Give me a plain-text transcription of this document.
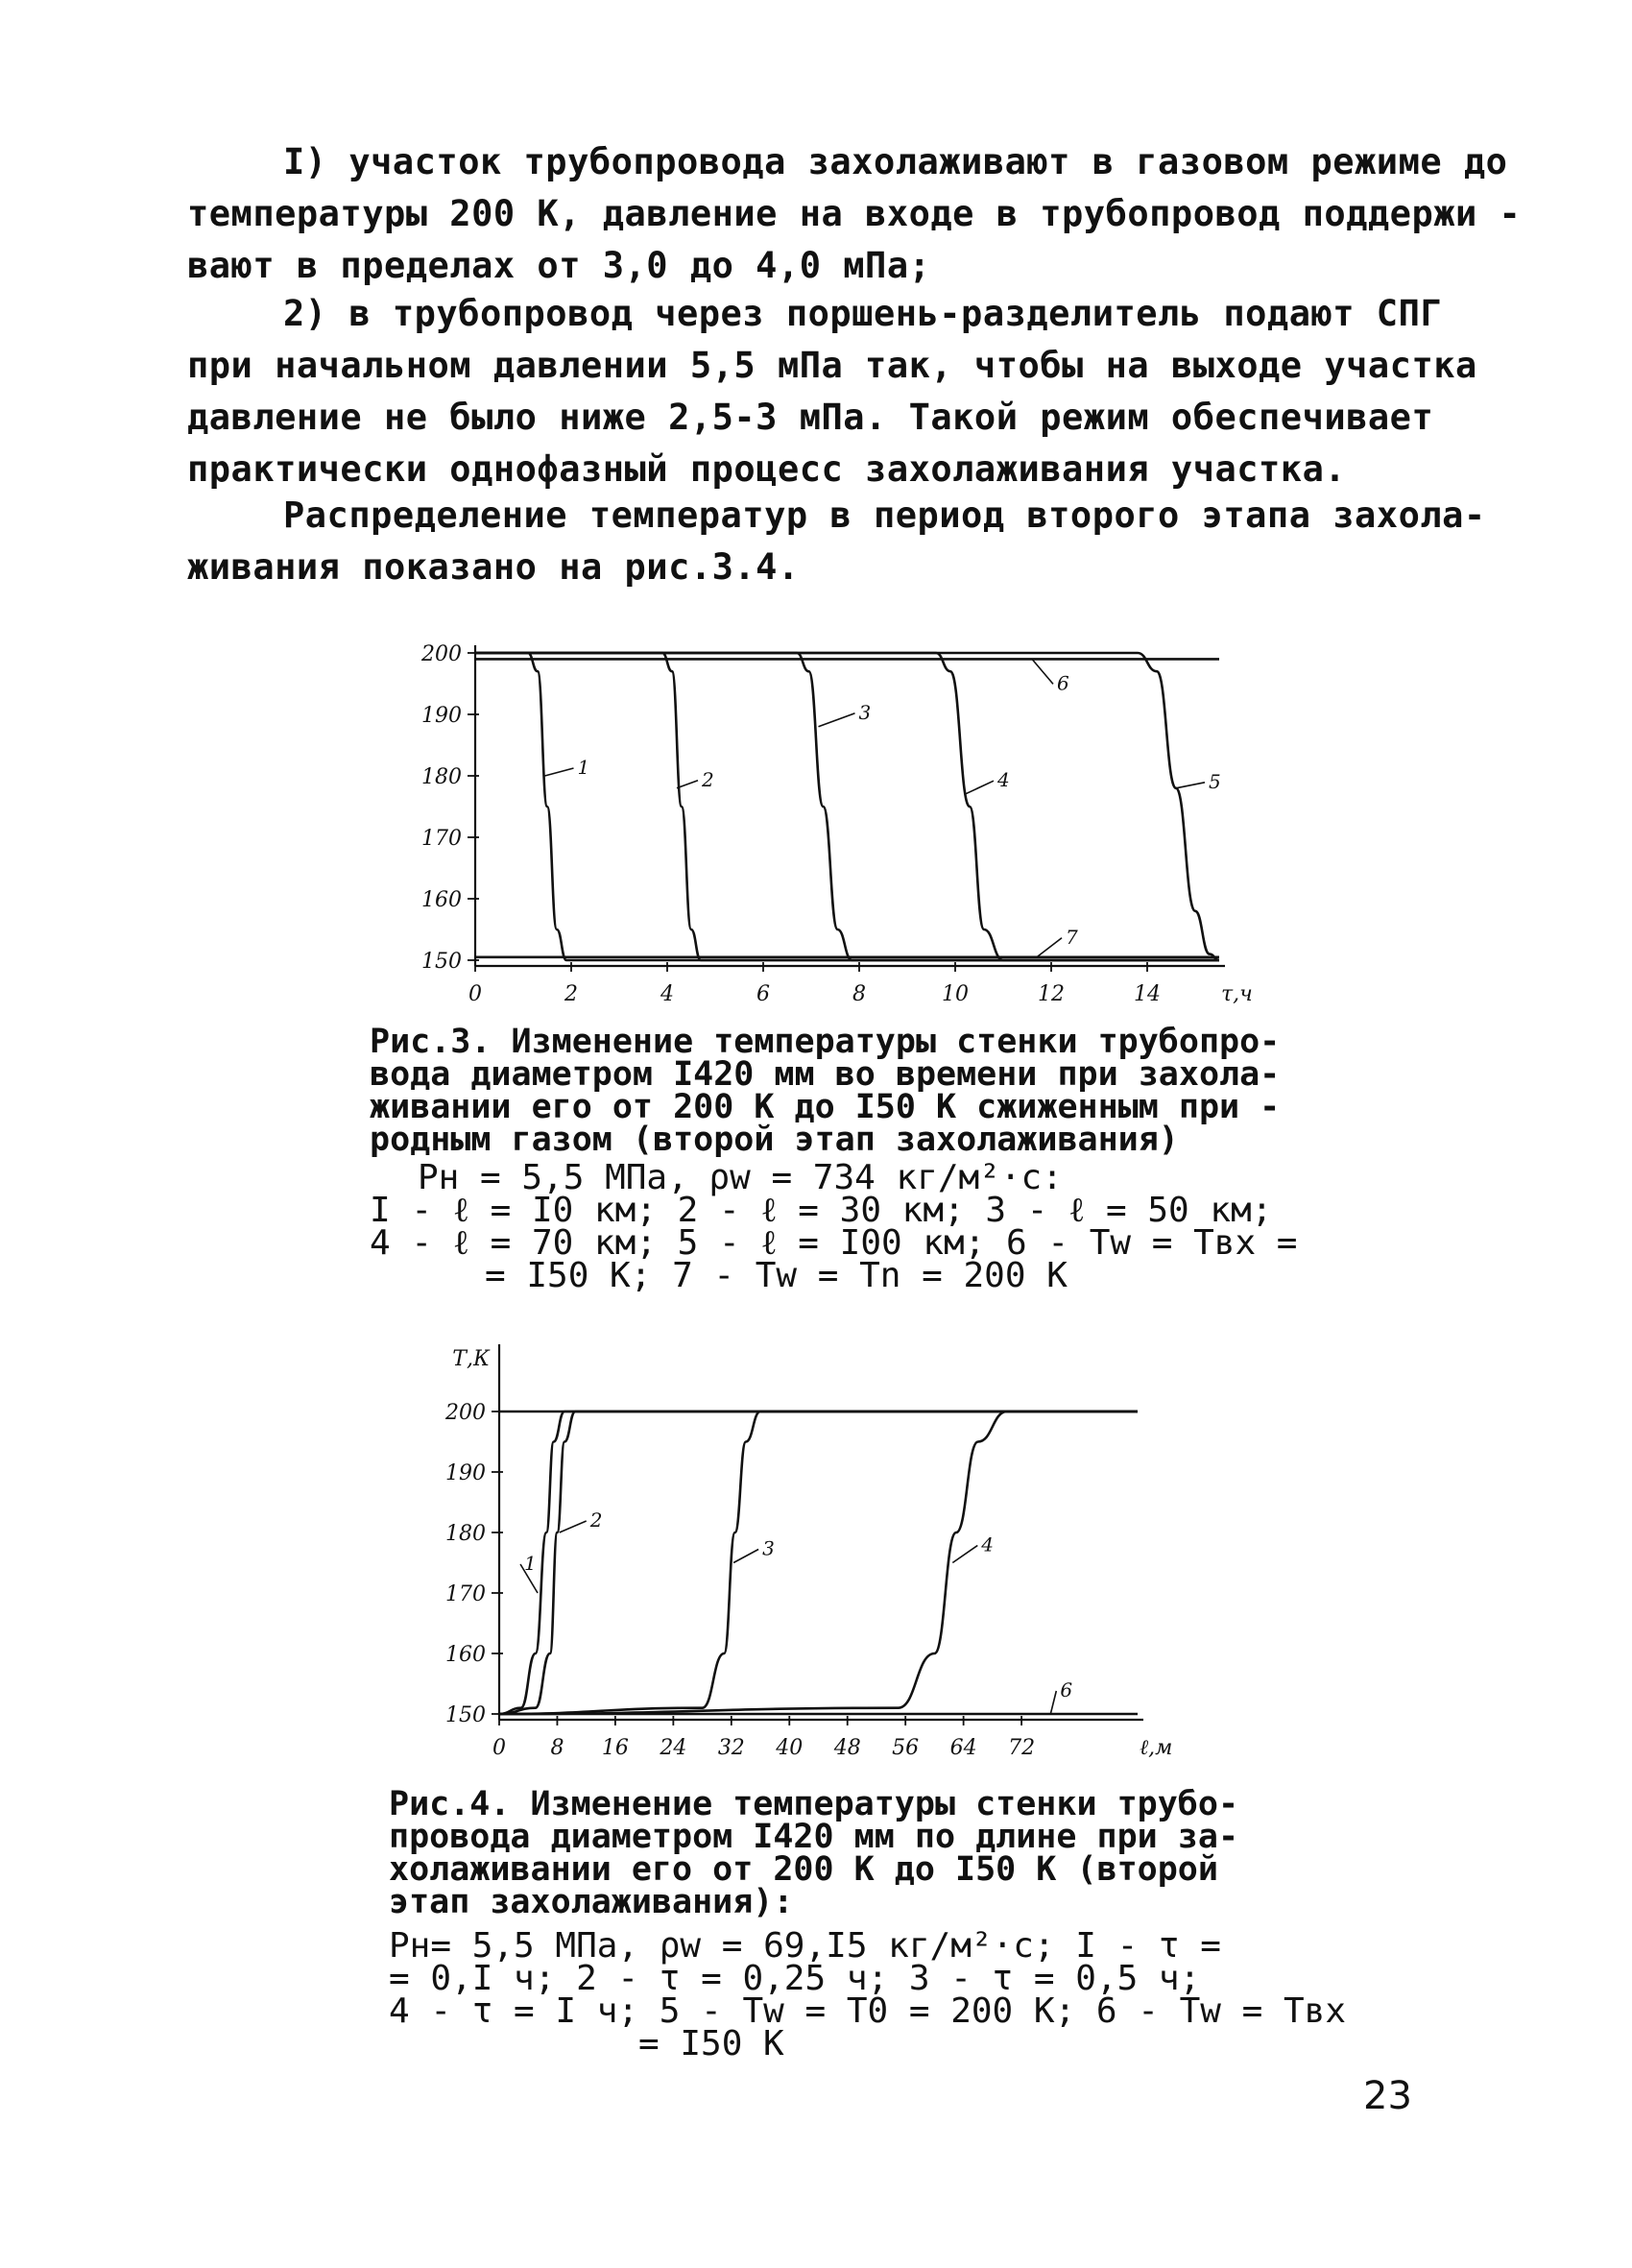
I) участок трубопровода захолаживают в газовом режиме до
температуры 200 К, давление на входе в трубопровод поддержи -
вают в пределах от 3,0 до 4,0 мПа;

2) в трубопровод через поршень-разделитель подают СПГ
при начальном давлении 5,5 мПа так, чтобы на выходе участка
давление не было ниже 2,5-3 мПа. Такой режим обеспечивает
практически однофазный процесс захолаживания участка.

Распределение температур в период второго этапа захола-
живания показано на рис.3.4.

200
190
180
170
160
150
0	2	4	6	8	10	12	14	τ,ч
1
2
3
4	5
6
7
Рис.3. Изменение температуры стенки трубопро-
вода диаметром I420 мм во времени при захола-
живании его от 200 К до I50 К сжиженным при -
родным газом (второй этап захолаживания)
Pн = 5,5 МПа, ρw = 734 кг/м²·с:
I - ℓ = I0 км; 2 - ℓ = 30 км; 3 - ℓ = 50 км;
4 - ℓ = 70 км; 5 - ℓ = I00 км; 6 - Tw = Tвх =
= I50 К; 7 - Tw = Tn = 200 К
200
190
180
170
160
150
0 8 16 24 32 40 48 56 64 72	ℓ,м
Т,К
1
2
3	4
6
Рис.4. Изменение температуры стенки трубо-
провода диаметром I420 мм по длине при за-
холаживании его от 200 К до I50 К (второй
этап захолаживания):
Pн= 5,5 МПа, ρw = 69,I5 кг/м²·с; I - τ =
= 0,I ч; 2 - τ = 0,25 ч; 3 - τ = 0,5 ч;
4 - τ = I ч; 5 - Tw = T0 = 200 К; 6 - Tw = Tвх
= I50 К
23
